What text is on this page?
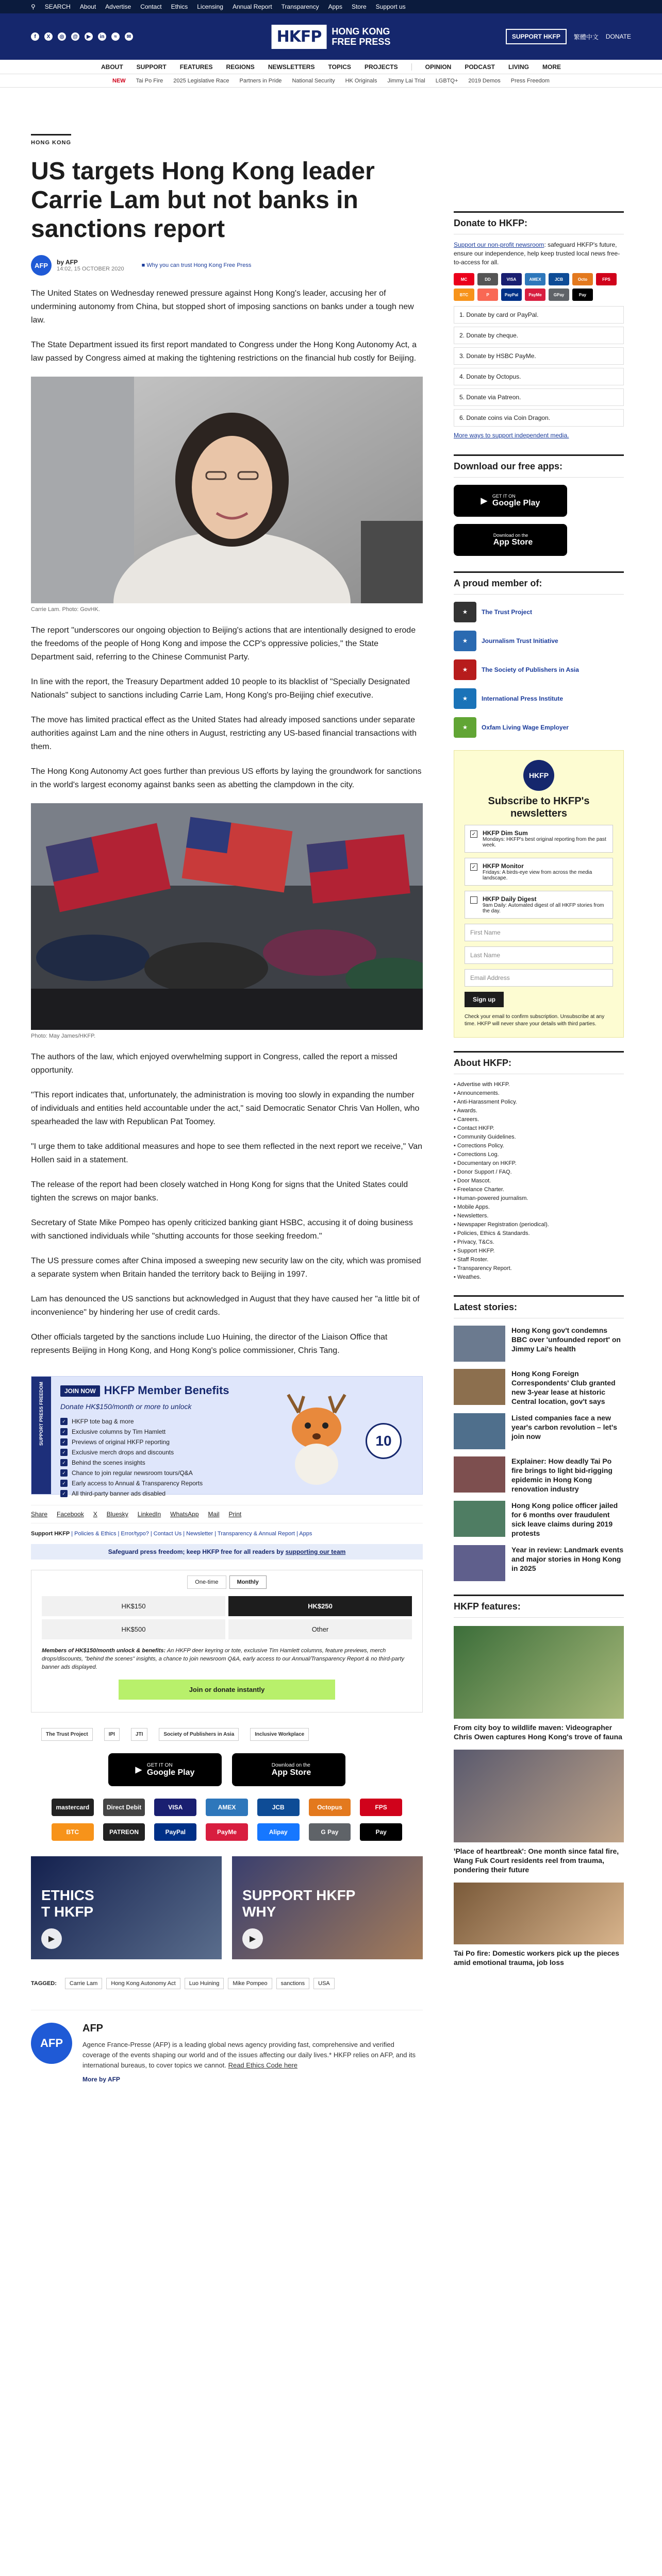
⚲ SEARCH About Advertise Contact Ethics Licensing Annual Report Transparency Apps Store Support us
f	X	◎	@	▶	in	≈	✉	HKFP	HONG KONG
FREE PRESS	SUPPORT HKFP	繁體中文 DONATE
ABOUT SUPPORT FEATURES REGIONS NEWSLETTERS TOPICS PROJECTS	OPINION PODCAST LIVING MORE
NEW Tai Po Fire 2025 Legislative Race Partners in Pride National Security HK Originals Jimmy Lai Trial LGBTQ+ 2019 Demos Press Freedom
HONG KONG
US targets Hong Kong leader Carrie Lam but not banks in sanctions report
AFP	by AFP
14:02, 15 OCTOBER 2020
■ Why you can trust Hong Kong Free Press

The United States on Wednesday renewed pressure against Hong Kong's leader, accusing her of undermining autonomy from China, but stopped short of imposing sanctions on banks under a tough new law.

The State Department issued its first report mandated to Congress under the Hong Kong Autonomy Act, a law passed by Congress aimed at making the tightening restrictions on the financial hub costly for Beijing.

Carrie Lam. Photo: GovHK.

The report "underscores our ongoing objection to Beijing's actions that are intentionally designed to erode the freedoms of the people of Hong Kong and impose the CCP's oppressive policies," the State Department said, referring to the Chinese Communist Party.

In line with the report, the Treasury Department added 10 people to its blacklist of "Specially Designated Nationals" subject to sanctions including Carrie Lam, Hong Kong's pro-Beijing chief executive.

The move has limited practical effect as the United States had already imposed sanctions under separate authorities against Lam and the nine others in August, restricting any US-based financial transactions with them.

The Hong Kong Autonomy Act goes further than previous US efforts by laying the groundwork for sanctions in the world's largest economy against banks seen as abetting the clampdown in the city.

Photo: May James/HKFP.

The authors of the law, which enjoyed overwhelming support in Congress, called the report a missed opportunity.

"This report indicates that, unfortunately, the administration is moving too slowly in expanding the number of individuals and entities held accountable under the act," said Democratic Senator Chris Van Hollen, who spearheaded the law with Republican Pat Toomey.

"I urge them to take additional measures and hope to see them reflected in the next report we receive," Van Hollen said in a statement.

The release of the report had been closely watched in Hong Kong for signs that the United States could tighten the screws on major banks.

Secretary of State Mike Pompeo has openly criticized banking giant HSBC, accusing it of doing business with sanctioned individuals while "shutting accounts for those seeking freedom."

The US pressure comes after China imposed a sweeping new security law on the city, which was promised a separate system when Britain handed the territory back to Beijing in 1997.

Lam has denounced the US sanctions but acknowledged in August that they have caused her "a little bit of inconvenience" by hindering her use of credit cards.

Other officials targeted by the sanctions include Luo Huining, the director of the Liaison Office that represents Beijing in Hong Kong, and Hong Kong's police commissioner, Chris Tang.

SUPPORT PRESS FREEDOM	JOIN NOW HKFP Member Benefits
Donate HK$150/month or more to unlock
✓ HKFP tote bag & more
✓ Exclusive columns by Tim Hamlett
✓ Previews of original HKFP reporting
✓ Exclusive merch drops and discounts
✓ Behind the scenes insights
✓ Chance to join regular newsroom tours/Q&A
✓ Early access to Annual & Transparency Reports
✓ All third-party banner ads disabled
10
Share Facebook X Bluesky LinkedIn WhatsApp Mail Print
Support HKFP | Policies & Ethics | Error/typo? | Contact Us | Newsletter | Transparency & Annual Report | Apps
Safeguard press freedom; keep HKFP free for all readers by supporting our team
One-time	Monthly
HK$150	HK$250
HK$500	Other
Members of HK$150/month unlock & benefits: An HKFP deer keyring or tote, exclusive Tim Hamlett columns, feature previews, merch drops/discounts, "behind the scenes" insights, a chance to join newsroom Q&A, early access to our Annual/Transparency Report & no third-party banner ads displayed.
Join or donate instantly
The Trust Project	IPI	JTI	Society of Publishers in Asia	Inclusive Workplace
▶
GET IT ON
Google Play
Download on the
App Store
mastercard	Direct Debit	VISA	AMEX	JCB	Octopus	FPS
BTC	PATREON	PayPal	PayMe	Alipay	G Pay	Pay
ETHICS
T HKFP
▶
SUPPORT HKFP
WHY
▶
TAGGED:	Carrie Lam	Hong Kong Autonomy Act	Luo Huining	Mike Pompeo	sanctions	USA
AFP
AFP

Agence France-Presse (AFP) is a leading global news agency providing fast, comprehensive and verified coverage of the events shaping our world and of the issues affecting our daily lives.* HKFP relies on AFP, and its international bureaus, to cover topics we cannot. Read Ethics Code here

More by AFP
Donate to HKFP:

Support our non-profit newsroom: safeguard HKFP's future, ensure our independence, help keep trusted local news free-to-access for all.

MC	DD	VISA	AMEX	JCB	Octo	FPS
BTC	P	PayPal	PayMe	GPay	Pay
1. Donate by card or PayPal.
2. Donate by cheque.
3. Donate by HSBC PayMe.
4. Donate by Octopus.
5. Donate via Patreon.
6. Donate coins via Coin Dragon.
More ways to support independent media.
Download our free apps:
▶
GET IT ON
Google Play
Download on the
App Store
A proud member of:
★	The Trust Project
★	Journalism Trust Initiative
★	The Society of Publishers in Asia
★	International Press Institute
★	Oxfam Living Wage Employer
HKFP
Subscribe to HKFP's newsletters
✓ HKFP Dim Sum
Mondays: HKFP's best original reporting from the past week.
✓ HKFP Monitor
Fridays: A birds-eye view from across the media landscape.
HKFP Daily Digest
9am Daily: Automated digest of all HKFP stories from the day.
First Name
Last Name
Email Address
Sign up
Check your email to confirm subscription. Unsubscribe at any time. HKFP will never share your details with third parties.
About HKFP:
• Advertise with HKFP.
• Announcements.
• Anti-Harassment Policy.
• Awards.
• Careers.
• Contact HKFP.
• Community Guidelines.
• Corrections Policy.
• Corrections Log.
• Documentary on HKFP.
• Donor Support / FAQ.
• Door Mascot.
• Freelance Charter.
• Human-powered journalism.
• Mobile Apps.
• Newsletters.
• Newspaper Registration (periodical).
• Policies, Ethics & Standards.
• Privacy, T&Cs.
• Support HKFP.
• Staff Roster.
• Transparency Report.
• Weathes.
Latest stories:
Hong Kong gov't condemns BBC over 'unfounded report' on Jimmy Lai's health
Hong Kong Foreign Correspondents' Club granted new 3-year lease at historic Central location, gov't says
Listed companies face a new year's carbon revolution – let's join now
Explainer: How deadly Tai Po fire brings to light bid-rigging epidemic in Hong Kong renovation industry
Hong Kong police officer jailed for 6 months over fraudulent sick leave claims during 2019 protests
Year in review: Landmark events and major stories in Hong Kong in 2025
HKFP features:
From city boy to wildlife maven: Videographer Chris Owen captures Hong Kong's trove of fauna
'Place of heartbreak': One month since fatal fire, Wang Fuk Court residents reel from trauma, pondering their future
Tai Po fire: Domestic workers pick up the pieces amid emotional trauma, job loss
